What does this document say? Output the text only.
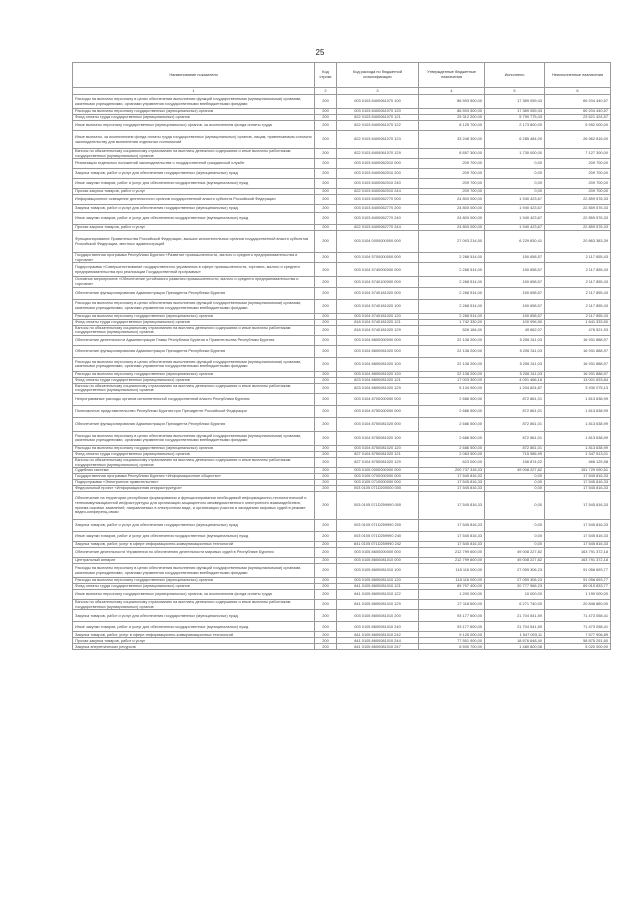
25
Наименование показателя	Код строки	Код расхода по бюджетной классификации	Утвержденные бюджетные назначения	Исполнено	Неисполненные назначения
1	2	3	4	5	6
Расходы на выплаты персоналу в целях обеспечения выполнения функций государственными (муниципальными) органами, казенными учреждениями, органами управления государственными внебюджетными фондами	200	003 0103 8400061070 100	86 593 500,00	17 389 059,43	69 204 440,57
Расходы на выплаты персоналу государственных (муниципальных) органов	200	003 0103 8400061070 120	86 593 500,00	17 389 059,43	69 204 440,57
Фонд оплаты труда государственных (муниципальных) органов	200	822 0103 8400061070 121	29 312 200,00	5 790 775,43	23 521 424,57
Иные выплаты персоналу государственных (муниципальных) органов, за исключением фонда оплаты труда	200	822 0103 8400061070 122	8 125 700,00	2 173 800,00	5 952 000,00
Иные выплаты, за исключением фонда оплаты труда государственных (муниципальных) органов, лицам, привлекаемым согласно законодательству для выполнения отдельных полномочий	200	822 0103 8400061070 123	33 248 300,00	6 285 484,00	26 962 816,00
Взносы по обязательному социальному страхованию на выплаты денежного содержания и иные выплаты работникам государственных (муниципальных) органов	200	822 0103 8400061070 129	8 857 300,00	1 730 000,00	7 127 300,00
Реализация отдельных положений законодательства о государственной гражданской службе	200	003 0103 8400062010 000	209 700,00	0,00	209 700,00
Закупка товаров, работ и услуг для обеспечения государственных (муниципальных) нужд	200	003 0103 8400062010 200	209 700,00	0,00	209 700,00
Иные закупки товаров, работ и услуг для обеспечения государственных (муниципальных) нужд	200	003 0103 8400062010 240	209 700,00	0,00	209 700,00
Прочая закупка товаров, работ и услуг	200	822 0103 8400062010 244	209 700,00	0,00	209 700,00
Информационное освещение деятельности органов государственной власти субъекта Российской Федерации	200	003 0103 8400062770 000	24 800 000,00	1 940 423,67	22 859 576,33
Закупка товаров, работ и услуг для обеспечения государственных (муниципальных) нужд	200	003 0103 8400062770 200	24 800 000,00	1 940 423,67	22 859 576,33
Иные закупки товаров, работ и услуг для обеспечения государственных (муниципальных) нужд	200	003 0103 8400062770 240	24 800 000,00	1 940 423,67	22 859 576,33
Прочая закупка товаров, работ и услуг	200	822 0103 8400062770 244	24 800 000,00	1 940 423,67	22 859 576,33
Функционирование Правительства Российской Федерации, высших исполнительных органов государственной власти субъектов Российской Федерации, местных администраций	200	003 0104 0000000000 000	27 093 214,50	6 229 830,41	20 863 383,39
Государственная программа Республики Бурятия «Развитие промышленности, малого и среднего предпринимательства и торговли»	200	003 0104 5700000000 000	2 268 514,00	150 658,57	2 117 855,43
Подпрограмма «Совершенствование государственного управления в сфере промышленности, торговли, малого и среднего предпринимательства при реализации Государственной программы»	200	003 0104 5740000000 000	2 268 514,00	150 658,57	2 117 855,43
Основное мероприятие «Обеспечение устойчивого развития промышленности, малого и среднего предпринимательства и торговли»	200	003 0104 5740100000 000	2 268 514,00	150 658,57	2 117 855,43
Обеспечение функционирования Администрации Президента Республики Бурятия	200	003 0104 5740181020 000	2 268 514,00	150 658,57	2 117 855,43
Расходы на выплаты персоналу в целях обеспечения выполнения функций государственными (муниципальными) органами, казенными учреждениями, органами управления государственными внебюджетными фондами	200	003 0104 5740181020 100	2 268 514,00	150 658,57	2 117 855,43
Расходы на выплаты персоналу государственных (муниципальных) органов	200	003 0104 5740181020 120	2 268 514,00	150 658,57	2 117 855,43
Фонд оплаты труда государственных (муниципальных) органов	200	818 0104 5740181020 121	1 742 330,00	100 996,50	1 641 333,50
Взносы по обязательному социальному страхованию на выплаты денежного содержания и иные выплаты работникам государственных (муниципальных) органов	200	818 0104 5740181020 129	526 184,00	49 662,07	476 521,93
Обеспечение деятельности Администрации Главы Республики Бурятия и Правительства Республики Бурятия	200	003 0104 8800000000 000	22 138 200,00	5 206 311,03	16 931 888,97
Обеспечение функционирования Администрации Президента Республики Бурятия	200	003 0104 8800081020 000	22 138 200,00	5 206 311,03	16 931 888,97
Расходы на выплаты персоналу в целях обеспечения выполнения функций государственными (муниципальными) органами, казенными учреждениями, органами управления государственными внебюджетными фондами	200	003 0104 8800081020 100	22 138 200,00	5 206 311,03	16 931 888,97
Расходы на выплаты персоналу государственных (муниципальных) органов	200	003 0104 8800081020 120	22 138 200,00	5 206 311,03	16 931 888,97
Фонд оплаты труда государственных (муниципальных) органов	200	823 0104 8800081020 121	17 003 300,00	4 001 466,16	13 001 833,84
Взносы по обязательному социальному страхованию на выплаты денежного содержания и иные выплаты работникам государственных (муниципальных) органов	200	823 0104 8800081020 129	5 134 900,00	1 204 824,87	3 930 075,13
Непрограммные расходы органов исполнительной государственной власти Республики Бурятия	200	003 0104 8700000000 000	2 686 500,00	872 861,01	1 813 638,99
Полномочное представительство Республики Бурятия при Президенте Российской Федерации	200	003 0104 8750000000 000	2 686 500,00	872 861,01	1 813 638,99
Обеспечение функционирования Администрации Президента Республики Бурятия	200	003 0104 8750081020 000	2 686 500,00	872 861,01	1 813 638,99
Расходы на выплаты персоналу в целях обеспечения выполнения функций государственными (муниципальными) органами, казенными учреждениями, органами управления государственными внебюджетными фондами	200	003 0104 8750081020 100	2 686 500,00	872 861,01	1 813 638,99
Расходы на выплаты персоналу государственных (муниципальных) органов	200	003 0104 8750081020 120	2 686 500,00	872 861,01	1 813 638,99
Фонд оплаты труда государственных (муниципальных) органов	200	827 0104 8750081020 121	2 063 500,00	715 986,99	1 347 513,01
Взносы по обязательному социальному страхованию на выплаты денежного содержания и иные выплаты работникам государственных (муниципальных) органов	200	827 0104 8750081020 129	623 000,00	156 874,02	466 125,98
Судебная система	200	003 0105 0000000000 000	200 737 318,33	49 008 227,82	151 729 090,51
Государственная программа Республики Бурятия «Информационное общество»	200	003 0105 0700000000 000	17 545 816,33	0,00	17 545 816,33
Подпрограмма «Электронное правительство»	200	003 0105 0710000000 000	17 545 816,33	0,00	17 545 816,33
Федеральный проект «Информационная инфраструктура»	200	003 0105 071D200000 000	17 545 816,33	0,00	17 545 816,33
Обеспечение на территории республики формирования и функционирования необходимой информационно-технологической и телекоммуникационной инфраструктуры для организации защищенного межведомственного электронного взаимодействия, приема исковых заявлений, направляемых в электронном виде, и организации участия в заседаниях мировых судей в режиме видео-конференц-связи	200	003 0105 071D259990 000	17 545 816,33	0,00	17 545 816,33
Закупка товаров, работ и услуг для обеспечения государственных (муниципальных) нужд	200	003 0105 071D259990 200	17 545 816,33	0,00	17 545 816,33
Иные закупки товаров, работ и услуг для обеспечения государственных (муниципальных) нужд	200	003 0105 071D259990 240	17 545 816,33	0,00	17 545 816,33
Закупка товаров, работ, услуг в сфере информационно-коммуникационных технологий	200	841 0105 071D259990 242	17 545 816,33	0,00	17 545 816,33
Обеспечение деятельности Управления по обеспечению деятельности мировых судей в Республике Бурятия	200	003 0105 8600000000 000	212 799 600,00	49 008 227,82	163 791 372,18
Центральный аппарат	200	003 0105 8600081010 000	212 799 600,00	49 008 227,82	163 791 372,18
Расходы на выплаты персоналу в целях обеспечения выполнения функций государственными (муниципальными) органами, казенными учреждениями, органами управления государственными внебюджетными фондами	200	003 0105 8600081010 100	118 116 000,00	27 059 306,23	91 056 693,77
Расходы на выплаты персоналу государственных (муниципальных) органов	200	003 0105 8600081010 120	118 116 000,00	27 059 306,23	91 056 693,77
Фонд оплаты труда государственных (муниципальных) органов	200	841 0105 8600081010 121	89 797 400,00	20 777 566,23	69 019 833,77
Иные выплаты персоналу государственных (муниципальных) органов, за исключением фонда оплаты труда	200	841 0105 8600081010 122	1 200 000,00	10 000,00	1 190 000,00
Взносы по обязательному социальному страхованию на выплаты денежного содержания и иные выплаты работникам государственных (муниципальных) органов	200	841 0105 8600081010 129	27 118 600,00	6 271 740,00	20 846 860,00
Закупка товаров, работ и услуг для обеспечения государственных (муниципальных) нужд	200	003 0105 8600081010 200	93 177 600,00	21 704 541,59	71 473 058,41
Иные закупки товаров, работ и услуг для обеспечения государственных (муниципальных) нужд	200	003 0105 8600081010 240	93 177 600,00	21 704 541,59	71 473 058,41
Закупка товаров, работ, услуг в сфере информационно-коммуникационных технологий	200	841 0105 8600081010 242	9 125 000,00	1 547 093,11	7 577 906,89
Прочая закупка товаров, работ и услуг	200	841 0105 8600081010 244	77 551 900,00	18 676 648,40	58 875 251,60
Закупка энергетических ресурсов	200	841 0105 8600081010 247	6 500 700,00	1 480 800,08	5 020 000,00
